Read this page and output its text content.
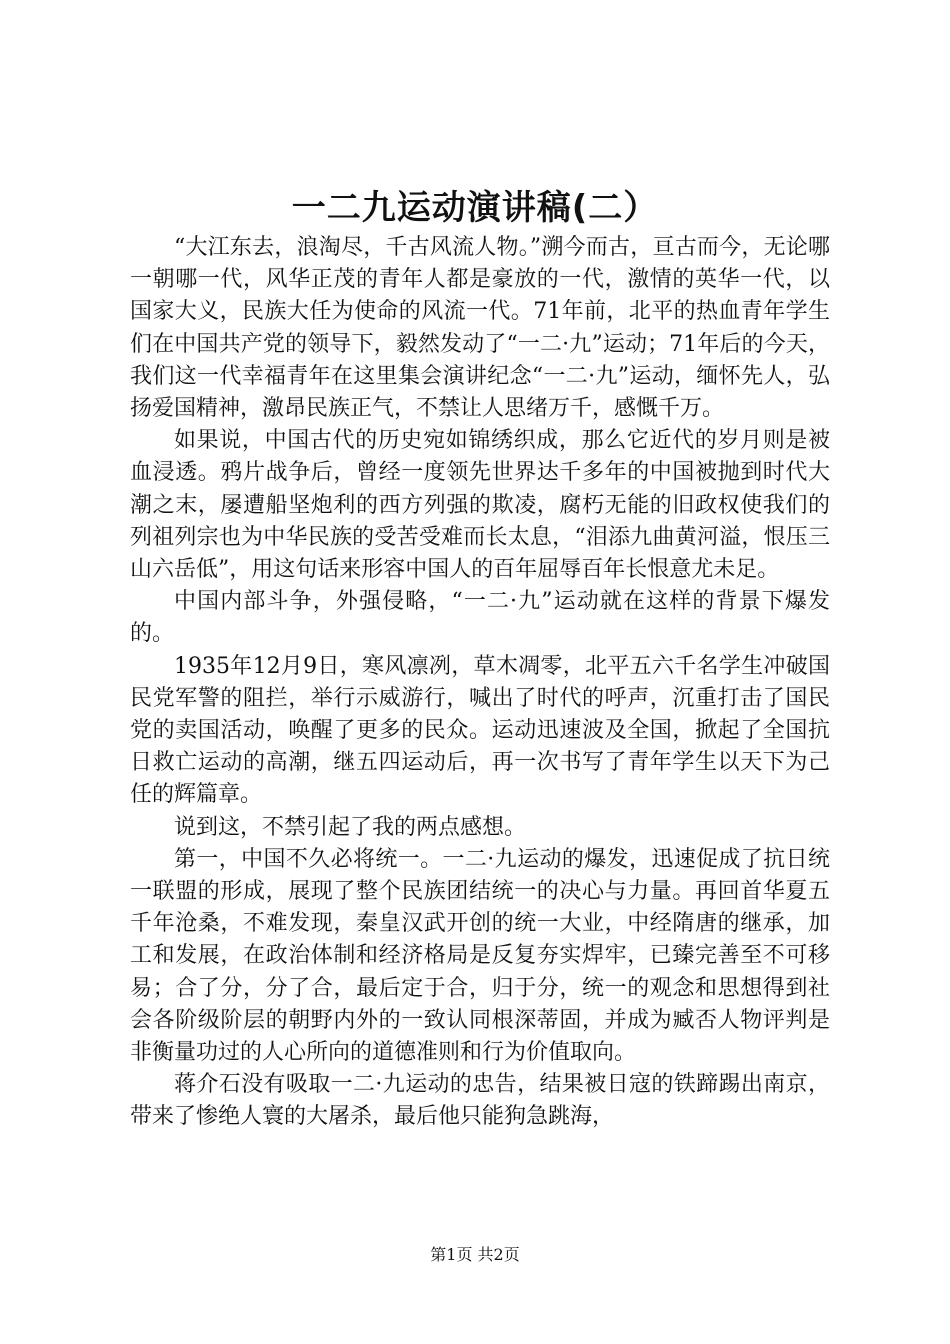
一二九运动演讲稿(二）

“大江东去，浪淘尽，千古风流人物。”溯今而古，亘古而今，无论哪一朝哪一代，风华正茂的青年人都是豪放的一代，激情的英华一代，以国家大义，民族大任为使命的风流一代。71年前，北平的热血青年学生们在中国共产党的领导下，毅然发动了“一二·九”运动；71年后的今天，我们这一代幸福青年在这里集会演讲纪念“一二·九”运动，缅怀先人，弘扬爱国精神，激昂民族正气，不禁让人思绪万千，感慨千万。

如果说，中国古代的历史宛如锦绣织成，那么它近代的岁月则是被血浸透。鸦片战争后，曾经一度领先世界达千多年的中国被抛到时代大潮之末，屡遭船坚炮利的西方列强的欺凌，腐朽无能的旧政权使我们的列祖列宗也为中华民族的受苦受难而长太息，“泪添九曲黄河溢，恨压三山六岳低”，用这句话来形容中国人的百年屈辱百年长恨意尤未足。

中国内部斗争，外强侵略，“一二·九”运动就在这样的背景下爆发的。

1935年12月9日，寒风凛冽，草木凋零，北平五六千名学生冲破国民党军警的阻拦，举行示威游行，喊出了时代的呼声，沉重打击了国民党的卖国活动，唤醒了更多的民众。运动迅速波及全国，掀起了全国抗日救亡运动的高潮，继五四运动后，再一次书写了青年学生以天下为己任的辉篇章。

说到这，不禁引起了我的两点感想。

第一，中国不久必将统一。一二·九运动的爆发，迅速促成了抗日统一联盟的形成，展现了整个民族团结统一的决心与力量。再回首华夏五千年沧桑，不难发现，秦皇汉武开创的统一大业，中经隋唐的继承，加工和发展，在政治体制和经济格局是反复夯实焊牢，已臻完善至不可移易；合了分，分了合，最后定于合，归于分，统一的观念和思想得到社会各阶级阶层的朝野内外的一致认同根深蒂固，并成为臧否人物评判是非衡量功过的人心所向的道德准则和行为价值取向。

蒋介石没有吸取一二·九运动的忠告，结果被日寇的铁蹄踢出南京，带来了惨绝人寰的大屠杀，最后他只能狗急跳海，

第1页 共2页
